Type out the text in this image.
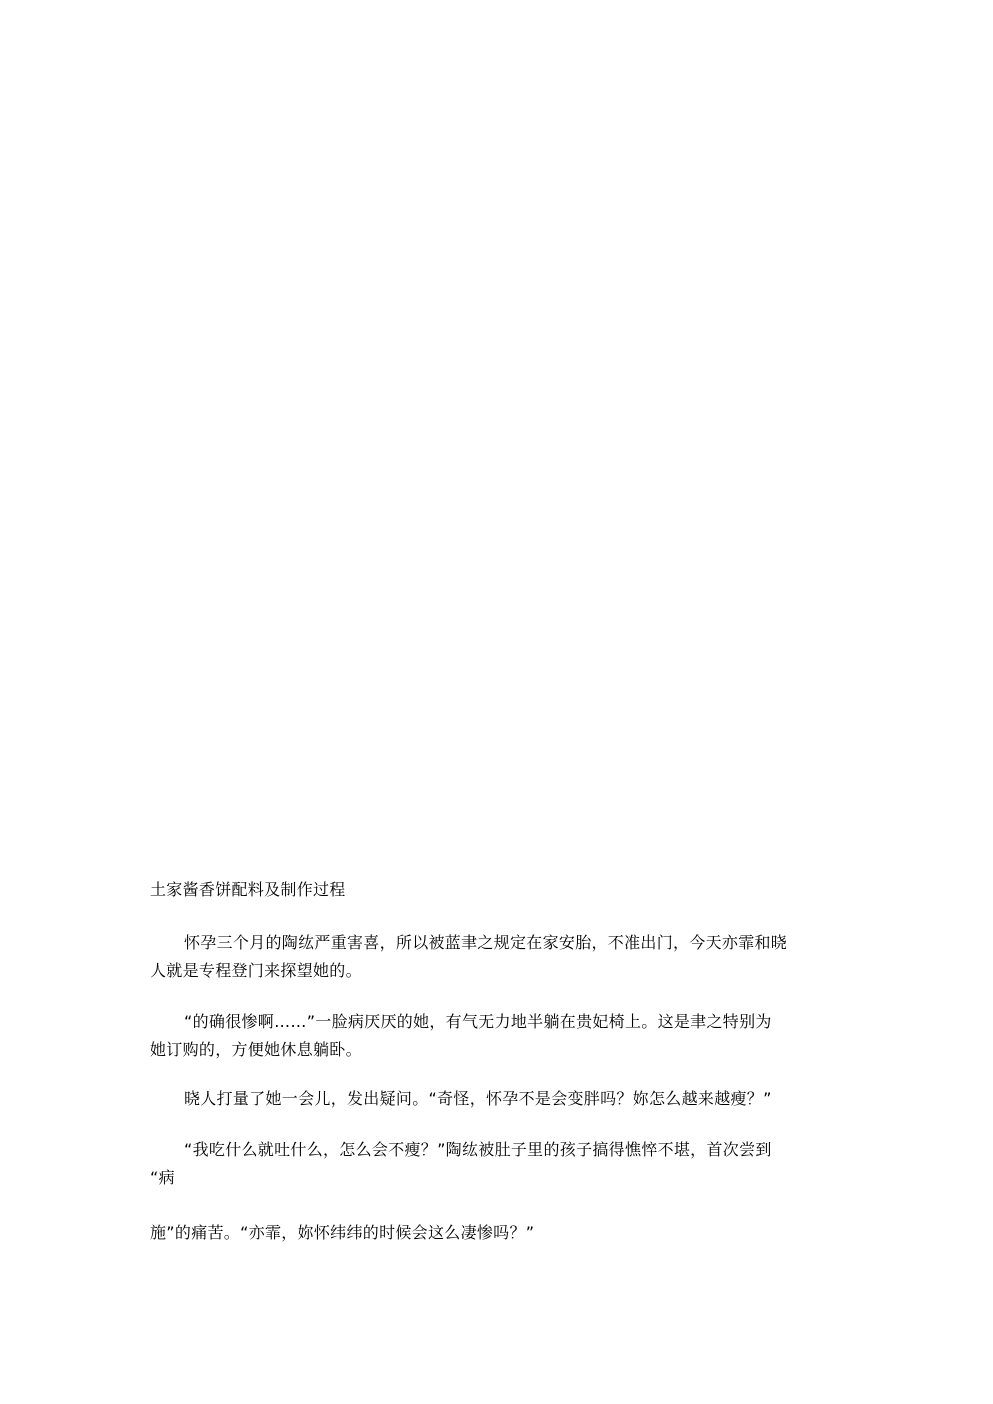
土家酱香饼配料及制作过程
怀孕三个月的陶纮严重害喜，所以被蓝聿之规定在家安胎，不准出门，今天亦霏和晓
人就是专程登门来探望她的。
“的确很惨啊……”一脸病厌厌的她，有气无力地半躺在贵妃椅上。这是聿之特别为
她订购的，方便她休息躺卧。
晓人打量了她一会儿，发出疑问。“奇怪，怀孕不是会变胖吗？妳怎么越来越瘦？”
“我吃什么就吐什么，怎么会不瘦？”陶纮被肚子里的孩子搞得憔悴不堪，首次尝到
“病
施”的痛苦。“亦霏，妳怀纬纬的时候会这么凄惨吗？”
